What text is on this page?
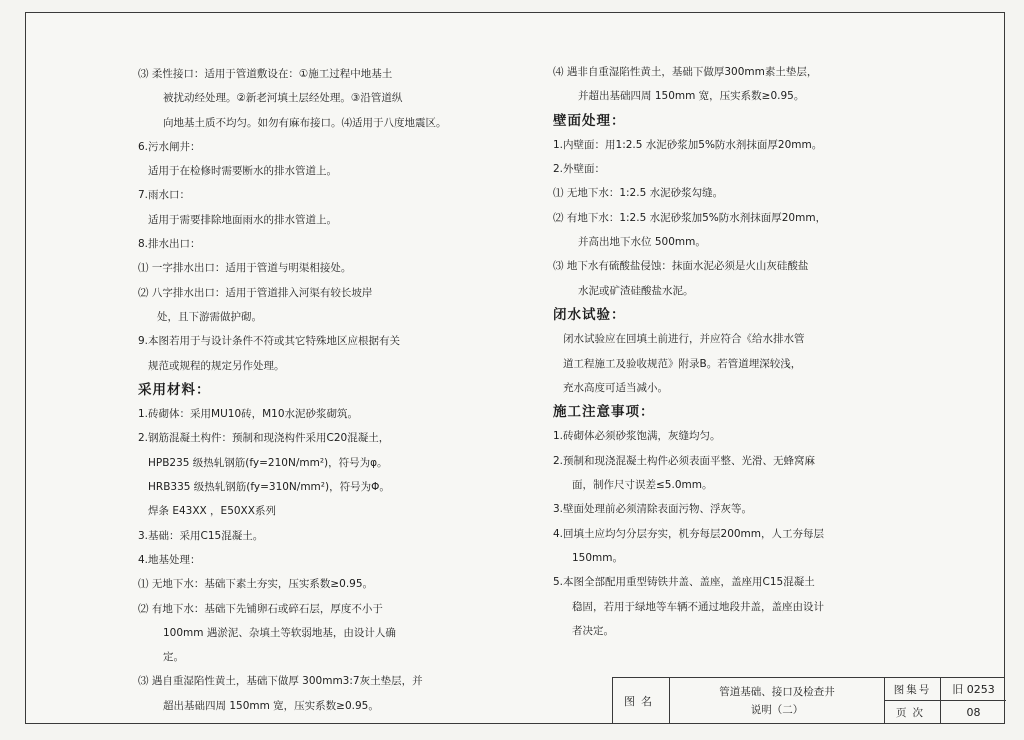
⑶ 柔性接口：适用于管道敷设在：①施工过程中地基土
被扰动经处理。②新老河填土层经处理。③沿管道纵
向地基土质不均匀。如勿有麻布接口。⑷适用于八度地震区。
6.污水闸井：
适用于在检修时需要断水的排水管道上。
7.雨水口：
适用于需要排除地面雨水的排水管道上。
8.排水出口：
⑴ 一字排水出口：适用于管道与明渠相接处。
⑵ 八字排水出口：适用于管道排入河渠有较长坡岸
处，且下游需做护砌。
9.本图若用于与设计条件不符或其它特殊地区应根据有关
规范或规程的规定另作处理。
采用材料：
1.砖砌体：采用MU10砖，M10水泥砂浆砌筑。
2.钢筋混凝土构件：预制和现浇构件采用C20混凝土，
HPB235 级热轧钢筋(fy=210N/mm²)，符号为φ。
HRB335 级热轧钢筋(fy=310N/mm²)，符号为Φ。
焊条 E43XX ，E50XX系列
3.基础：采用C15混凝土。
4.地基处理：
⑴ 无地下水：基础下素土夯实，压实系数≥0.95。
⑵ 有地下水：基础下先铺卵石或碎石层，厚度不小于
100mm 遇淤泥、杂填土等软弱地基，由设计人确
定。
⑶ 遇自重湿陷性黄土，基础下做厚 300mm3:7灰土垫层，并
超出基础四周 150mm 宽，压实系数≥0.95。
⑷ 遇非自重湿陷性黄土，基础下做厚300mm素土垫层，
并超出基础四周 150mm 宽，压实系数≥0.95。
壁面处理：
1.内壁面：用1:2.5 水泥砂浆加5%防水剂抹面厚20mm。
2.外壁面：
⑴ 无地下水：1:2.5 水泥砂浆勾缝。
⑵ 有地下水：1:2.5 水泥砂浆加5%防水剂抹面厚20mm，
并高出地下水位 500mm。
⑶ 地下水有硫酸盐侵蚀：抹面水泥必须是火山灰硅酸盐
水泥或矿渣硅酸盐水泥。
闭水试验：
闭水试验应在回填土前进行，并应符合《给水排水管
道工程施工及验收规范》附录B。若管道埋深较浅，
充水高度可适当减小。
施工注意事项：
1.砖砌体必须砂浆饱满，灰缝均匀。
2.预制和现浇混凝土构件必须表面平整、光滑、无蜂窝麻
面，制作尺寸误差≤5.0mm。
3.壁面处理前必须清除表面污物、浮灰等。
4.回填土应均匀分层夯实，机夯每层200mm，人工夯每层
150mm。
5.本图全部配用重型铸铁井盖、盖座，盖座用C15混凝土
稳固，若用于绿地等车辆不通过地段井盖，盖座由设计
者决定。
图名
管道基础、接口及检查井
说明（二）
图集号	旧 0253
页次	08
